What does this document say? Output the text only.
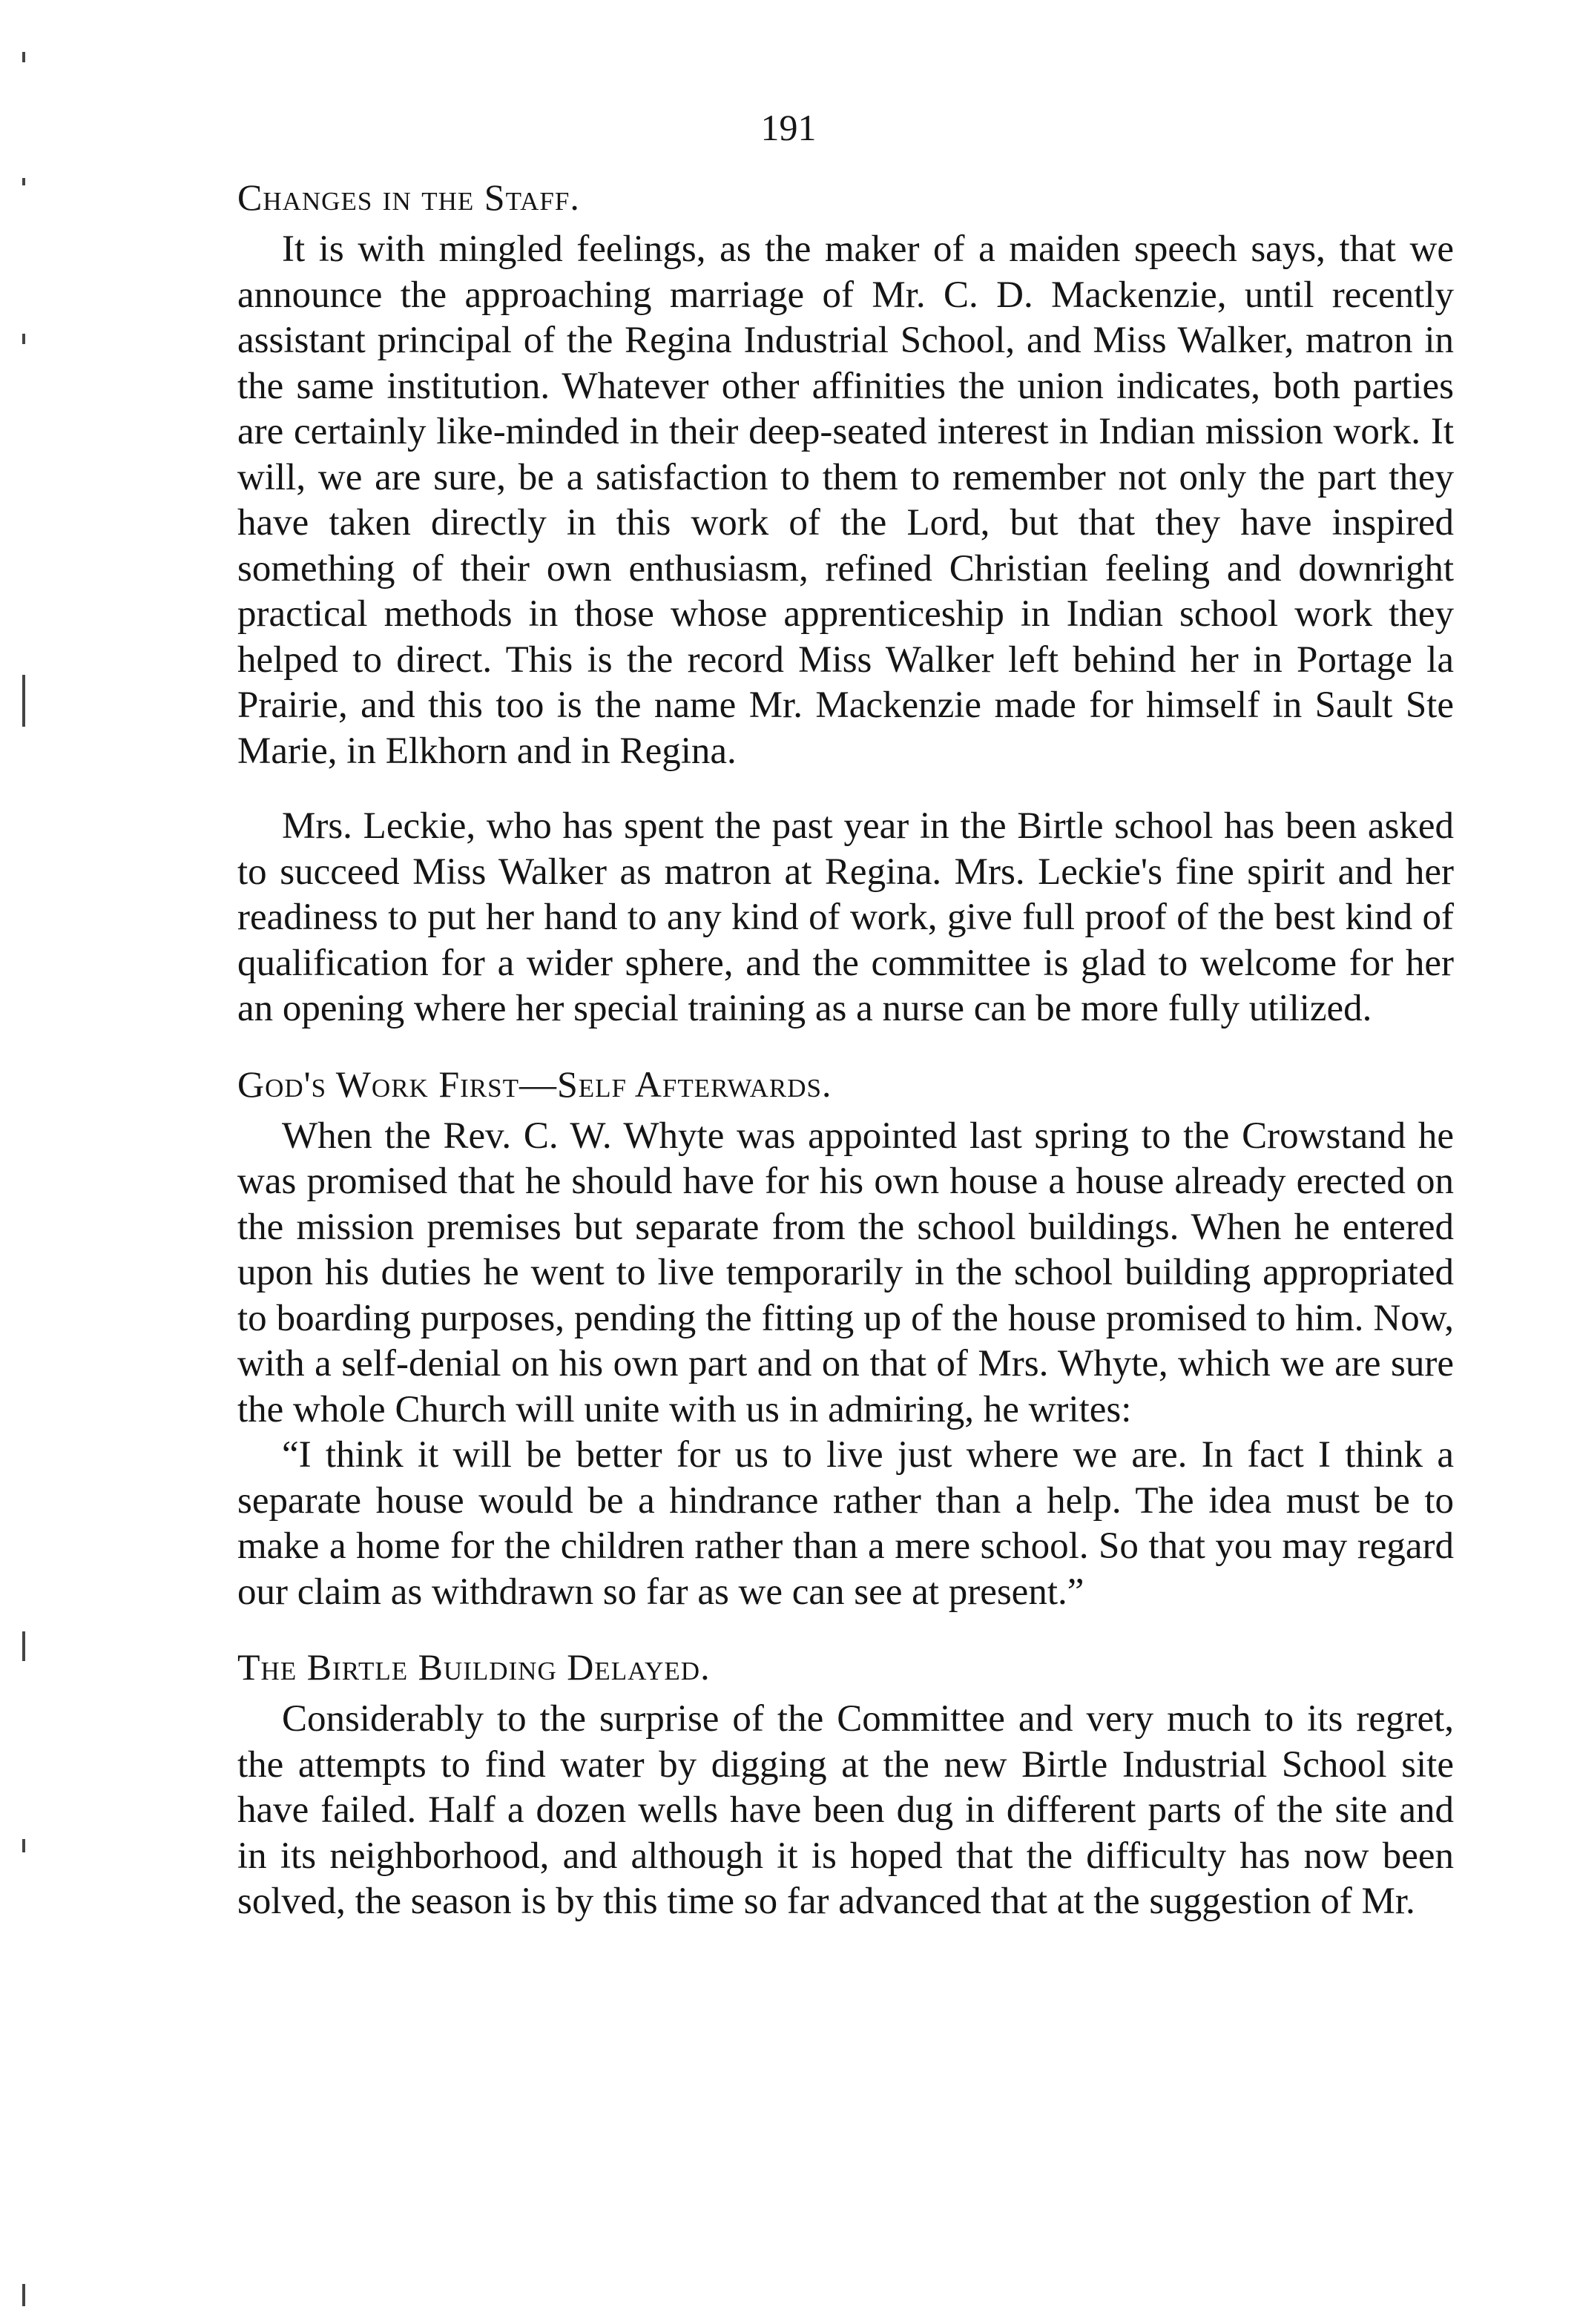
191
Changes in the Staff.

It is with mingled feelings, as the maker of a maiden speech says, that we announce the approaching marriage of Mr. C. D. Mackenzie, until recently assistant principal of the Regina Industrial School, and Miss Walker, matron in the same institution. Whatever other affinities the union indicates, both parties are certainly like-minded in their deep-seated interest in Indian mission work. It will, we are sure, be a satisfaction to them to remember not only the part they have taken directly in this work of the Lord, but that they have inspired something of their own enthusiasm, refined Christian feeling and downright practical methods in those whose apprenticeship in Indian school work they helped to direct. This is the record Miss Walker left behind her in Portage la Prairie, and this too is the name Mr. Mackenzie made for himself in Sault Ste Marie, in Elkhorn and in Regina.

Mrs. Leckie, who has spent the past year in the Birtle school has been asked to succeed Miss Walker as matron at Regina. Mrs. Leckie's fine spirit and her readiness to put her hand to any kind of work, give full proof of the best kind of qualification for a wider sphere, and the committee is glad to welcome for her an opening where her special training as a nurse can be more fully utilized.

God's Work First—Self Afterwards.

When the Rev. C. W. Whyte was appointed last spring to the Crowstand he was promised that he should have for his own house a house already erected on the mission premises but separate from the school buildings. When he entered upon his duties he went to live temporarily in the school building appropriated to boarding purposes, pending the fitting up of the house promised to him. Now, with a self-denial on his own part and on that of Mrs. Whyte, which we are sure the whole Church will unite with us in admiring, he writes:

“I think it will be better for us to live just where we are. In fact I think a separate house would be a hindrance rather than a help. The idea must be to make a home for the children rather than a mere school. So that you may regard our claim as withdrawn so far as we can see at present.”

The Birtle Building Delayed.

Considerably to the surprise of the Committee and very much to its regret, the attempts to find water by digging at the new Birtle Industrial School site have failed. Half a dozen wells have been dug in different parts of the site and in its neighborhood, and although it is hoped that the difficulty has now been solved, the season is by this time so far advanced that at the suggestion of Mr.
